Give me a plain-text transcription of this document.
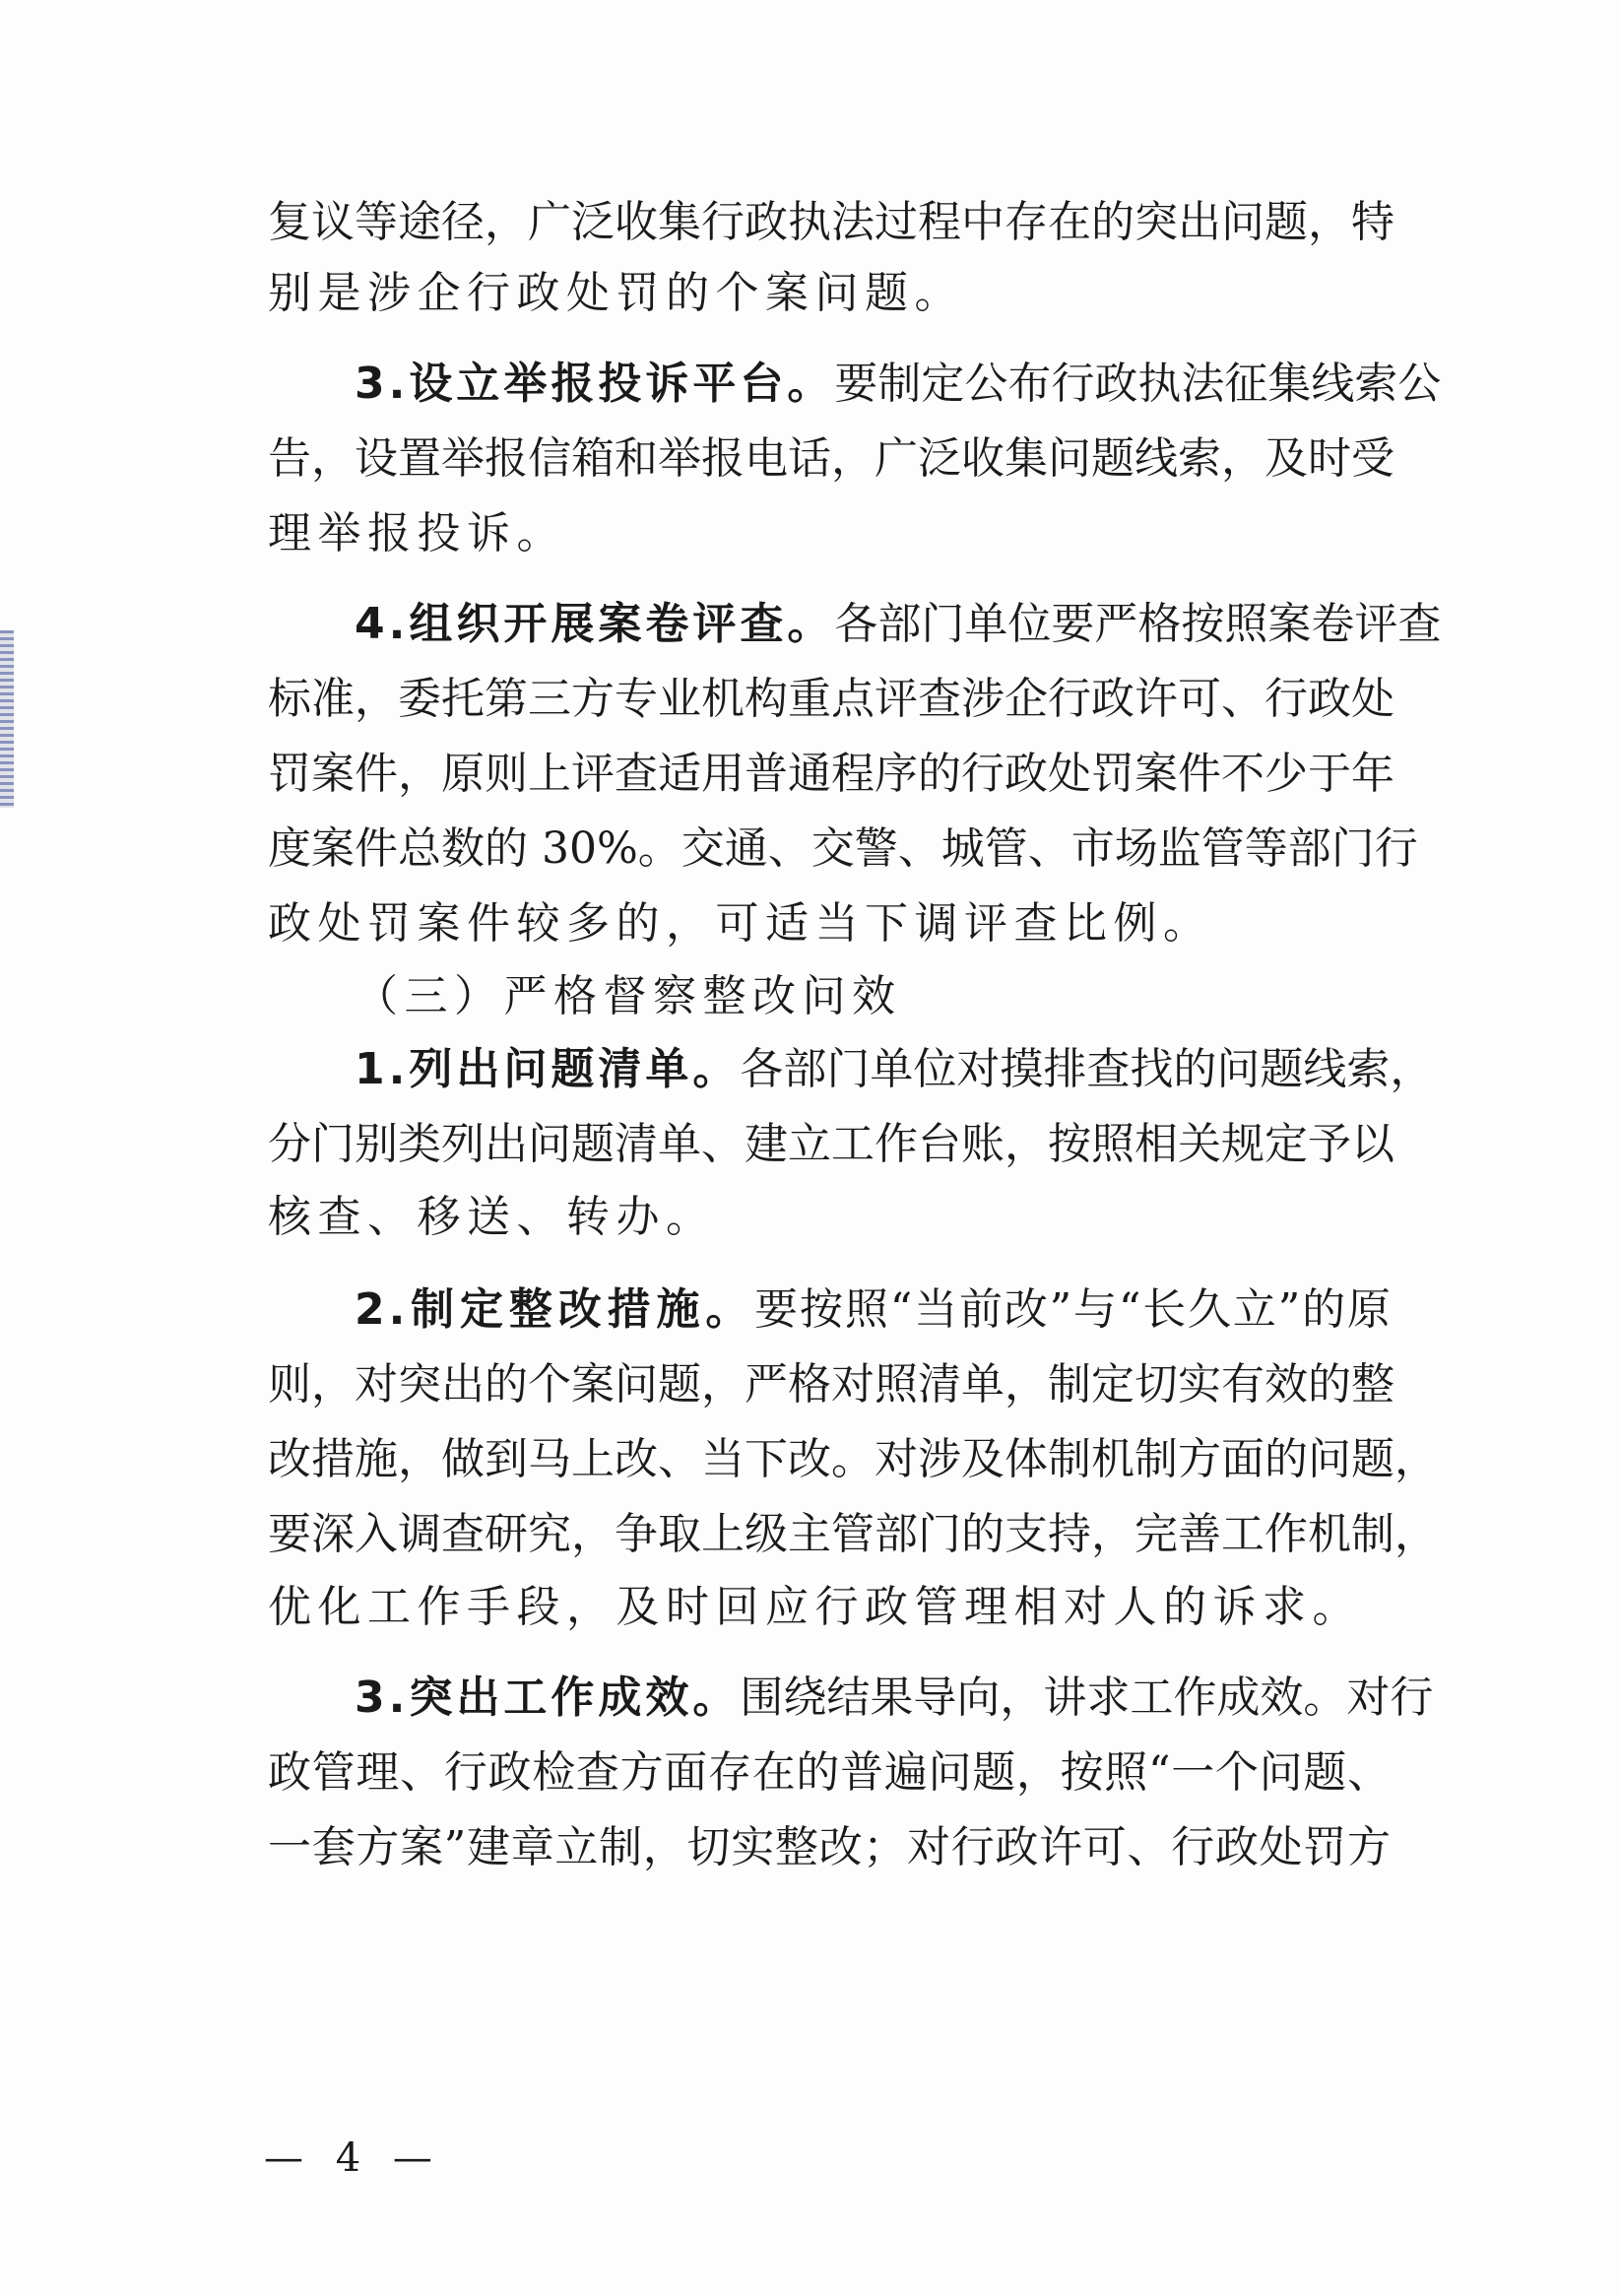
复议等途径，广泛收集行政执法过程中存在的突出问题，特
别是涉企行政处罚的个案问题。
3.设立举报投诉平台。要制定公布行政执法征集线索公
告，设置举报信箱和举报电话，广泛收集问题线索，及时受
理举报投诉。
4.组织开展案卷评查。各部门单位要严格按照案卷评查
标准，委托第三方专业机构重点评查涉企行政许可、行政处
罚案件，原则上评查适用普通程序的行政处罚案件不少于年
度案件总数的 30%。交通、交警、城管、市场监管等部门行
政处罚案件较多的，可适当下调评查比例。
（三）严格督察整改问效
1.列出问题清单。各部门单位对摸排查找的问题线索，
分门别类列出问题清单、建立工作台账，按照相关规定予以
核查、移送、转办。
2.制定整改措施。要按照“当前改”与“长久立”的原
则，对突出的个案问题，严格对照清单，制定切实有效的整
改措施，做到马上改、当下改。对涉及体制机制方面的问题，
要深入调查研究，争取上级主管部门的支持，完善工作机制，
优化工作手段，及时回应行政管理相对人的诉求。
3.突出工作成效。围绕结果导向，讲求工作成效。对行
政管理、行政检查方面存在的普遍问题，按照“一个问题、
一套方案”建章立制，切实整改；对行政许可、行政处罚方
— 4 —
